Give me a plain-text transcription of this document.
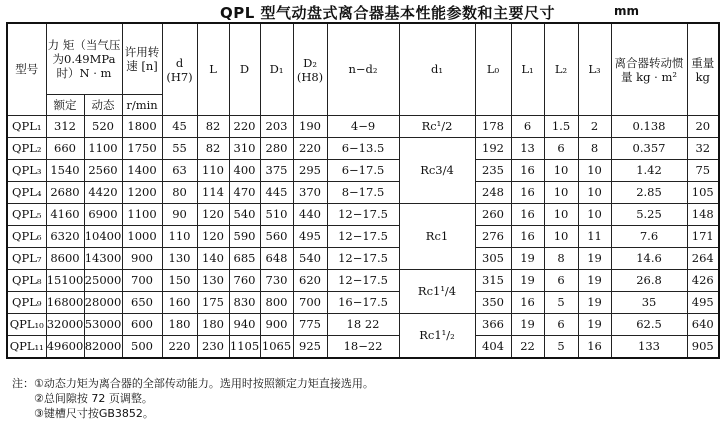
QPL 型气动盘式离合器基本性能参数和主要尺寸	mm
型号	力 矩（当气压为0.49MPa时）N · m		许用转速 [n]	d (H7)	L	D	D₁	D₂ (H8)	n−d₂	d₁	L₀	L₁	L₂	L₃	离合器转动惯量 kg · m²	重量 kg

	额定	动态	r/min													
QPL₁	312	520	1800	45	82	220	203	190	4−9	Rc¹/2	178	6	1.5	2	0.138	20
QPL₂	660	1100	1750	55	82	310	280	220	6−13.5	Rc3/4	192	13	6	8	0.357	32
QPL₃	1540	2560	1400	63	110	400	375	295	6−17.5		235	16	10	10	1.42	75
QPL₄	2680	4420	1200	80	114	470	445	370	8−17.5		248	16	10	10	2.85	105
QPL₅	4160	6900	1100	90	120	540	510	440	12−17.5	Rc1	260	16	10	10	5.25	148
QPL₆	6320	10400	1000	110	120	590	560	495	12−17.5		276	16	10	11	7.6	171
QPL₇	8600	14300	900	130	140	685	648	540	12−17.5		305	19	8	19	14.6	264
QPL₈	15100	25000	700	150	130	760	730	620	12−17.5	Rc1¹/4	315	19	6	19	26.8	426
QPL₉	16800	28000	650	160	175	830	800	700	16−17.5		350	16	5	19	35	495
QPL₁₀	32000	53000	600	180	180	940	900	775	18 22	Rc1¹/₂	366	19	6	19	62.5	640
QPL₁₁	49600	82000	500	220	230	1105	1065	925	18−22		404	22	5	16	133	905
注：①动态力矩为离合器的全部传动能力。选用时按照额定力矩直接选用。
②总间隙按 72 页调整。
③键槽尺寸按GB3852。
